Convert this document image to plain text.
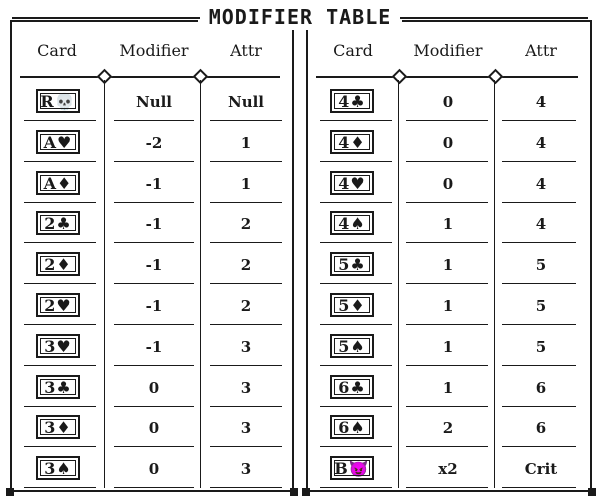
MODIFIER TABLE
Card	Modifier	Attr
R💀	Null	Null
A♥	-2	1
A♦	-1	1
2♣	-1	2
2♦	-1	2
2♥	-1	2
3♥	-1	3
3♣	0	3
3♦	0	3
3♠	0	3
Card	Modifier	Attr
4♣	0	4
4♦	0	4
4♥	0	4
4♠	1	4
5♣	1	5
5♦	1	5
5♠	1	5
6♣	1	6
6♠	2	6
B😈	x2	Crit
